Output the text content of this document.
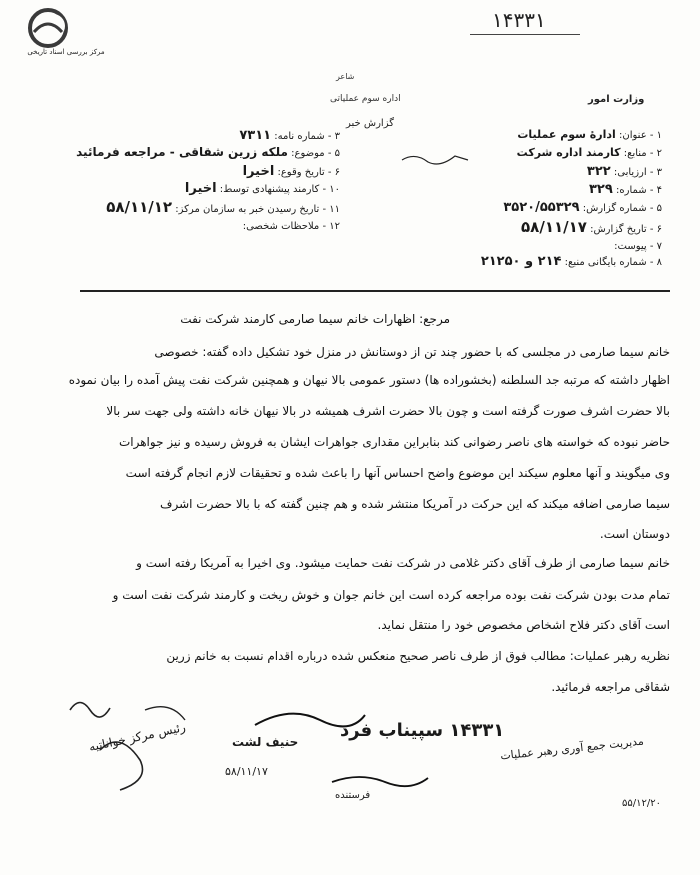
مرکز بررسی اسناد تاریخی
۱۴۳۳۱
شاعر
اداره سوم عملیاتی	وزارت امور
گزارش خبر
۳ - شماره نامه: ۷۳۱۱
۵ - موضوع: ملکه زرین شقاقی - مراجعه فرمائید
۶ - تاریخ وقوع: اخیرا
۱۰ - کارمند پیشنهادی توسط: اخیرا
۱۱ - تاریخ رسیدن خبر به سازمان مرکز: ۵۸/۱۱/۱۲
۱۲ - ملاحظات شخصی:
۱ - عنوان: ادارۀ سوم عملیات
۲ - منابع: کارمند اداره شرکت
۳ - ارزیابی: ۳۲۲
۴ - شماره: ۳۲۹
۵ - شماره گزارش: ۳۵۲۰/۵۵۳۲۹
۶ - تاریخ گزارش: ۵۸/۱۱/۱۷
۷ - پیوست:
۸ - شماره بایگانی منبع: ۲۱۴ و ۲۱۲۵۰
مرجع: اظهارات خانم سیما صارمی کارمند شرکت نفت
خانم سیما صارمی در مجلسی که با حضور چند تن از دوستانش در منزل خود تشکیل داده گفته: خصوصی
اظهار داشته که مرتبه جد السلطنه (بخشوراده ها) دستور عمومی بالا نیهان و همچنین شرکت نفت پیش آمده را بیان نموده
بالا حضرت اشرف صورت گرفته است و چون بالا حضرت اشرف همیشه در بالا نیهان خانه داشته ولی جهت سر بالا
حاضر نبوده که خواسته های ناصر رضوانی کند بنابراین مقداری جواهرات ایشان به فروش رسیده و نیز جواهرات
وی میگویند و آنها معلوم سیکند این موضوع واضح احساس آنها را باعث شده و تحقیقات لازم انجام گرفته است
سیما صارمی اضافه میکند که این حرکت در آمریکا منتشر شده و هم چنین گفته که با بالا حضرت اشرف
دوستان است.
خانم سیما صارمی از طرف آقای دکتر غلامی در شرکت نفت حمایت میشود. وی اخیرا به آمریکا رفته است و
تمام مدت بودن شرکت نفت بوده مراجعه کرده است این خانم جوان و خوش ریخت و کارمند شرکت نفت است و
است آقای دکتر فلاح اشخاص مخصوص خود را منتقل نماید.
نظریه رهبر عملیات: مطالب فوق از طرف ناصر صحیح منعکس شده درباره اقدام نسبت به خانم زرین
شقاقی مراجعه فرمائید.
۱۴۳۳۱ سپیناب فرد
حنیف لشت
۵۸/۱۱/۱۷
مدیریت جمع آوری رهبر عملیات
فرستنده
رئیس مرکز خواناتیه
۵۵/۱۲/۲۰
